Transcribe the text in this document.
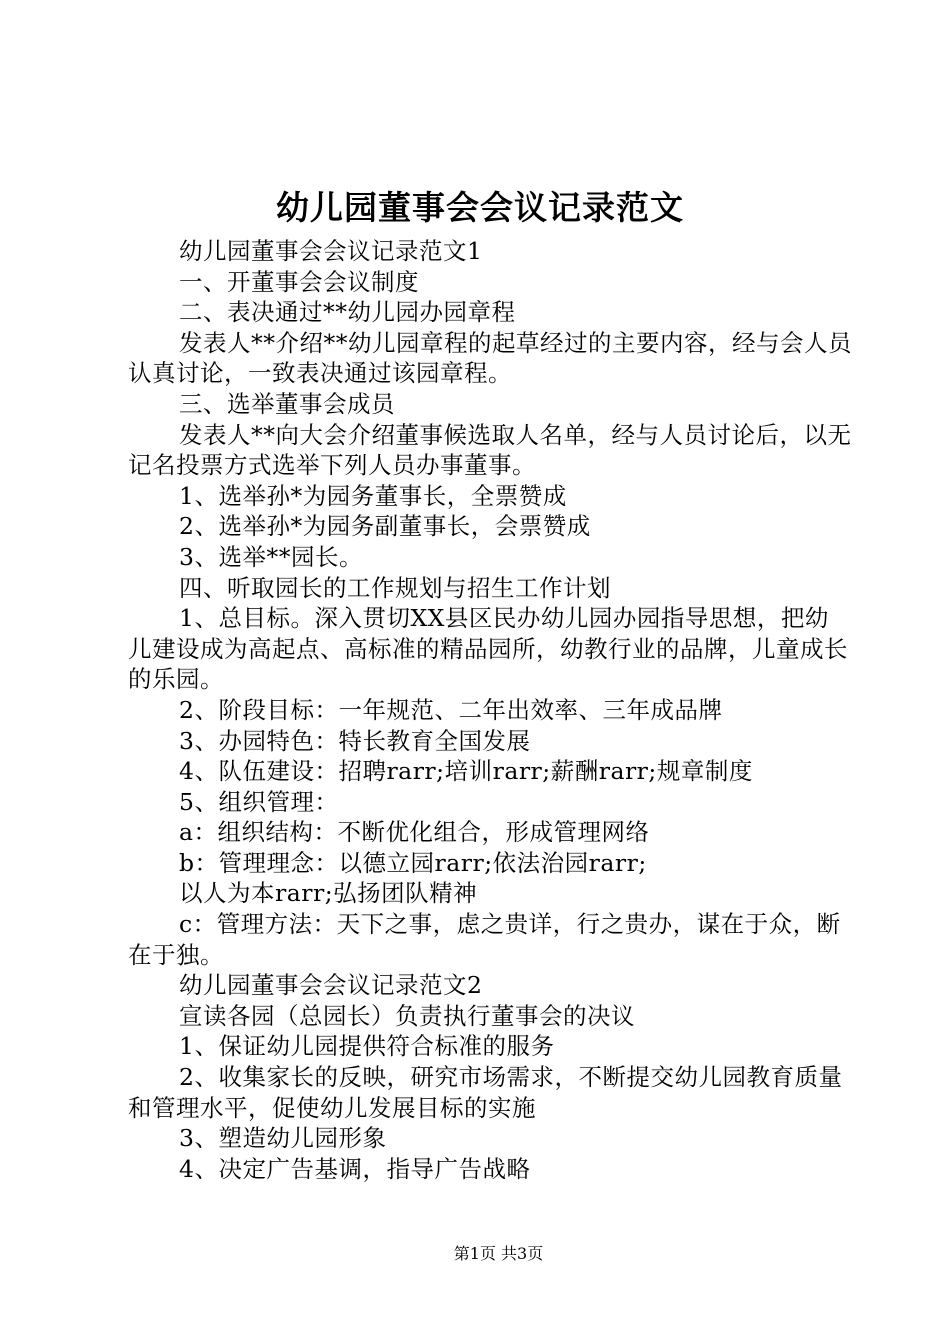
幼儿园董事会会议记录范文

幼儿园董事会会议记录范文1

一、开董事会会议制度

二、表决通过**幼儿园办园章程

发表人**介绍**幼儿园章程的起草经过的主要内容，经与会人员认真讨论，一致表决通过该园章程。

三、选举董事会成员

发表人**向大会介绍董事候选取人名单，经与人员讨论后，以无记名投票方式选举下列人员办事董事。

1、选举孙*为园务董事长，全票赞成

2、选举孙*为园务副董事长，会票赞成

3、选举**园长。

四、听取园长的工作规划与招生工作计划

1、总目标。深入贯切XX县区民办幼儿园办园指导思想，把幼儿建设成为高起点、高标准的精品园所，幼教行业的品牌，儿童成长的乐园。

2、阶段目标：一年规范、二年出效率、三年成品牌

3、办园特色：特长教育全国发展

4、队伍建设：招聘rarr;培训rarr;薪酬rarr;规章制度

5、组织管理：

a：组织结构：不断优化组合，形成管理网络

b：管理理念：以德立园rarr;依法治园rarr;

以人为本rarr;弘扬团队精神

c：管理方法：天下之事，虑之贵详，行之贵办，谋在于众，断在于独。

幼儿园董事会会议记录范文2

宣读各园（总园长）负责执行董事会的决议

1、保证幼儿园提供符合标准的服务

2、收集家长的反映，研究市场需求，不断提交幼儿园教育质量和管理水平，促使幼儿发展目标的实施

3、塑造幼儿园形象

4、决定广告基调，指导广告战略

第1页 共3页
